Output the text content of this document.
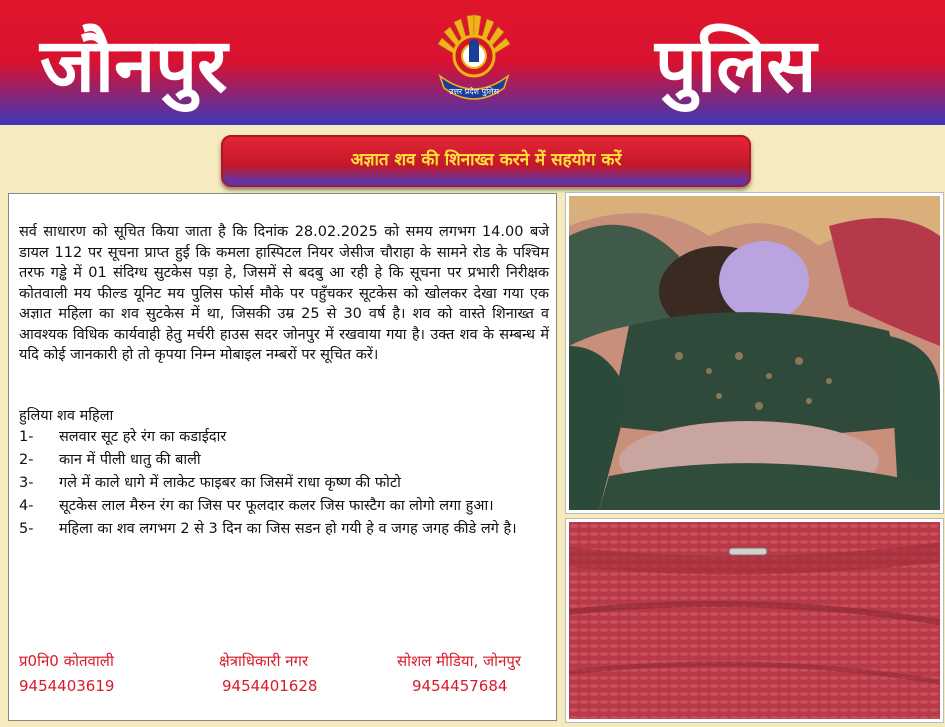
जौनपुर	उत्तर प्रदेश पुलिस पुलिस
अज्ञात शव की शिनाख्त करने में सहयोग करें

सर्व साधारण को सूचित किया जाता है कि दिनांक 28.02.2025 को समय लगभग 14.00 बजे डायल 112 पर सूचना प्राप्त हुई कि कमला हास्पिटल नियर जेसीज चौराहा के सामने रोड के पश्चिम तरफ गड्ढे में 01 संदिग्ध सुटकेस पड़ा हे, जिसमें से बदबु आ रही हे कि सूचना पर प्रभारी निरीक्षक कोतवाली मय फील्ड यूनिट मय पुलिस फोर्स मौके पर पहुँचकर सूटकेस को खोलकर देखा गया एक अज्ञात महिला का शव सुटकेस में था, जिसकी उम्र 25 से 30 वर्ष है। शव को वास्ते शिनाख्त व आवश्यक विधिक कार्यवाही हेतु मर्चरी हाउस सदर जोनपुर में रखवाया गया है। उक्त शव के सम्बन्ध में यदि कोई जानकारी हो तो कृपया निम्न मोबाइल नम्बरों पर सूचित करें।

हुलिया शव महिला
1- सलवार सूट हरे रंग का कडाईदार
2- कान में पीली धातु की बाली
3- गले में काले धागे में लाकेट फाइबर का जिसमें राधा कृष्ण की फोटो
4- सूटकेस लाल मैरुन रंग का जिस पर फूलदार कलर जिस फास्टैग का लोगो लगा हुआ।
5- महिला का शव लगभग 2 से 3 दिन का जिस सडन हो गयी हे व जगह जगह कीडे लगे है।
प्र0नि0 कोतवाली
9454403619
क्षेत्राधिकारी नगर
9454401628
सोशल मीडिया, जोनपुर
9454457684
